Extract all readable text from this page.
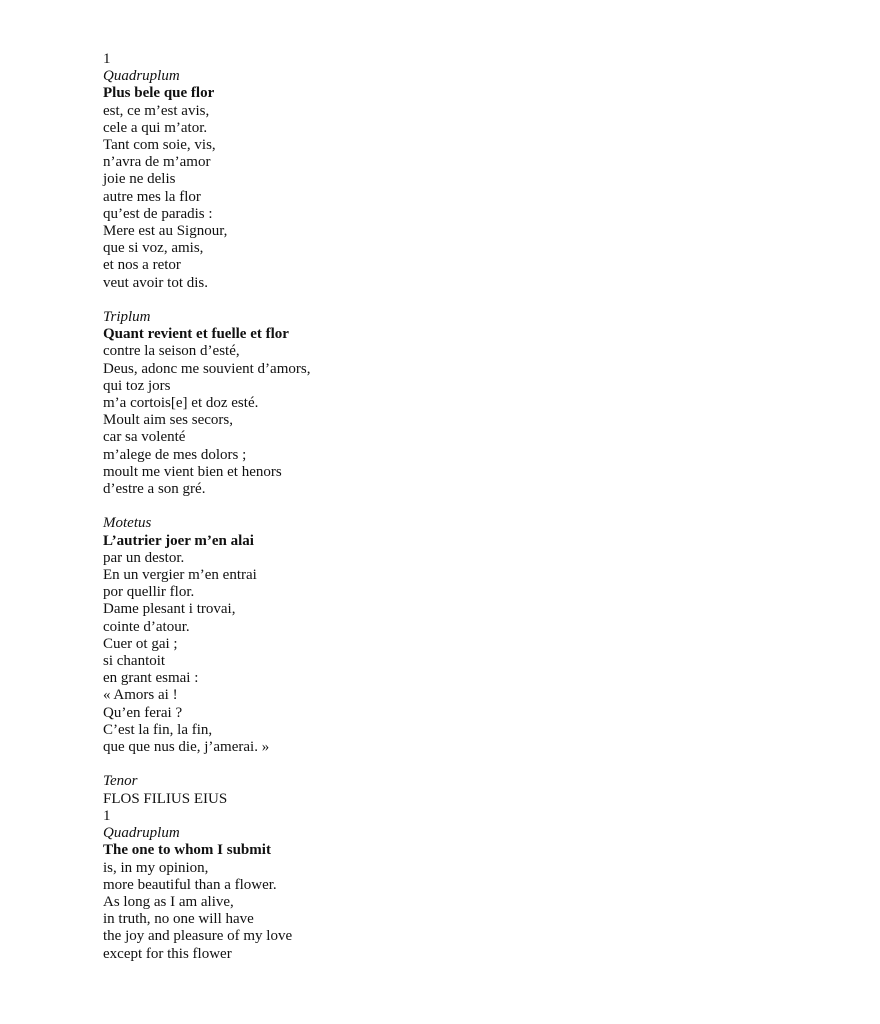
1
Quadruplum
Plus bele que flor
est, ce m’est avis,
cele a qui m’ator.
Tant com soie, vis,
n’avra de m’amor
joie ne delis
autre mes la flor
qu’est de paradis :
Mere est au Signour,
que si voz, amis,
et nos a retor
veut avoir tot dis.
Triplum
Quant revient et fuelle et flor
contre la seison d’esté,
Deus, adonc me souvient d’amors,
qui toz jors
m’a cortois[e] et doz esté.
Moult aim ses secors,
car sa volenté
m’alege de mes dolors ;
moult me vient bien et henors
d’estre a son gré.
Motetus
L’autrier joer m’en alai
par un destor.
En un vergier m’en entrai
por quellir flor.
Dame plesant i trovai,
cointe d’atour.
Cuer ot gai ;
si chantoit
en grant esmai :
« Amors ai !
Qu’en ferai ?
C’est la fin, la fin,
que que nus die, j’amerai. »
Tenor
FLOS FILIUS EIUS
1
Quadruplum
The one to whom I submit
is, in my opinion,
more beautiful than a flower.
As long as I am alive,
in truth, no one will have
the joy and pleasure of my love
except for this flower
